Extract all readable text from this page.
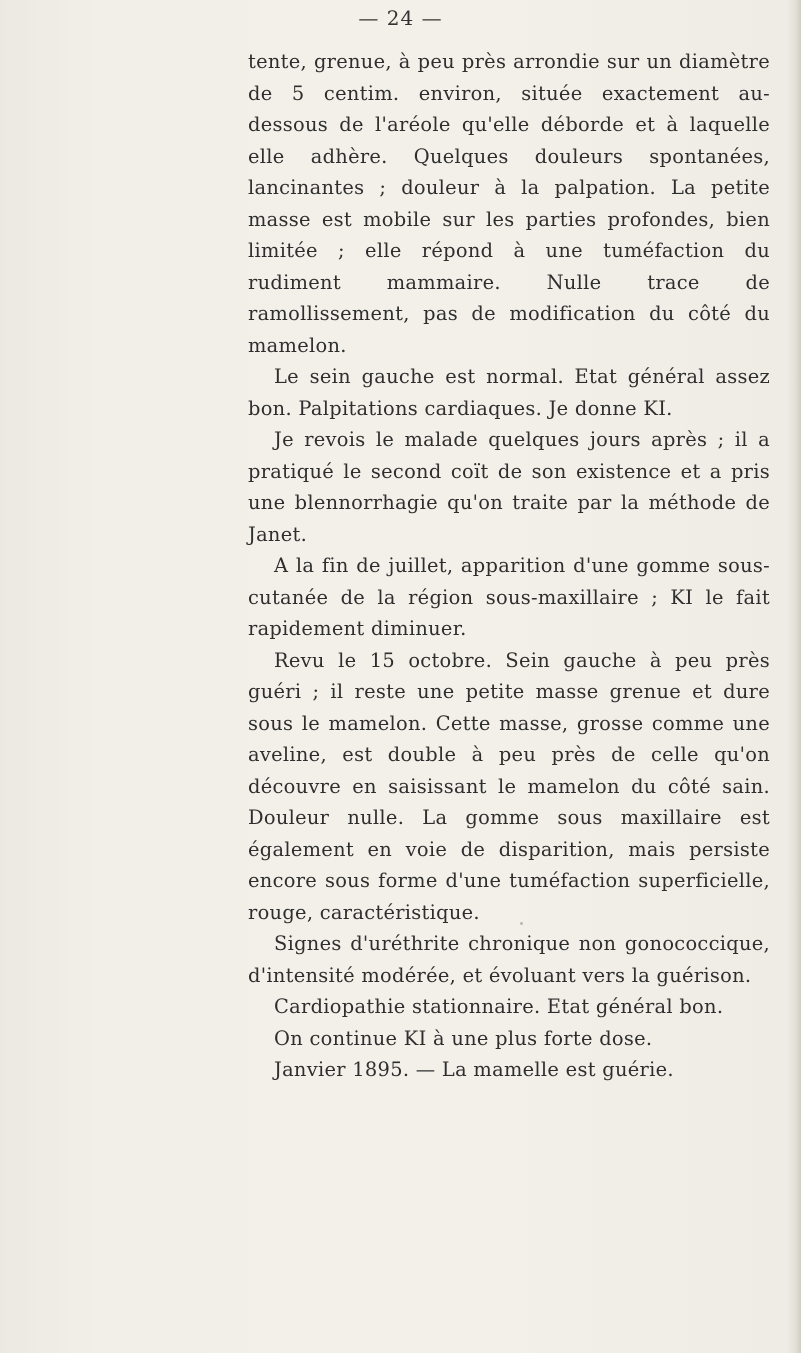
— 24 —

tente, grenue, à peu près arrondie sur un diamètre de 5 centim. environ, située exactement au-dessous de l'aréole qu'elle déborde et à laquelle elle adhère. Quelques douleurs spontanées, lancinantes ; douleur à la palpation. La petite masse est mobile sur les parties profondes, bien limitée ; elle répond à une tuméfaction du rudiment mammaire. Nulle trace de ramollissement, pas de modification du côté du mamelon.

Le sein gauche est normal. Etat général assez bon. Palpitations cardiaques. Je donne KI.

Je revois le malade quelques jours après ; il a pratiqué le second coït de son existence et a pris une blennorrhagie qu'on traite par la méthode de Janet.

A la fin de juillet, apparition d'une gomme sous-cutanée de la région sous-maxillaire ; KI le fait rapidement diminuer.

Revu le 15 octobre. Sein gauche à peu près guéri ; il reste une petite masse grenue et dure sous le mamelon. Cette masse, grosse comme une aveline, est double à peu près de celle qu'on découvre en saisissant le mamelon du côté sain. Douleur nulle. La gomme sous maxillaire est également en voie de disparition, mais persiste encore sous forme d'une tuméfaction superficielle, rouge, caractéristique.

Signes d'uréthrite chronique non gonococcique, d'intensité modérée, et évoluant vers la guérison.

Cardiopathie stationnaire. Etat général bon.

On continue KI à une plus forte dose.

Janvier 1895. — La mamelle est guérie.
